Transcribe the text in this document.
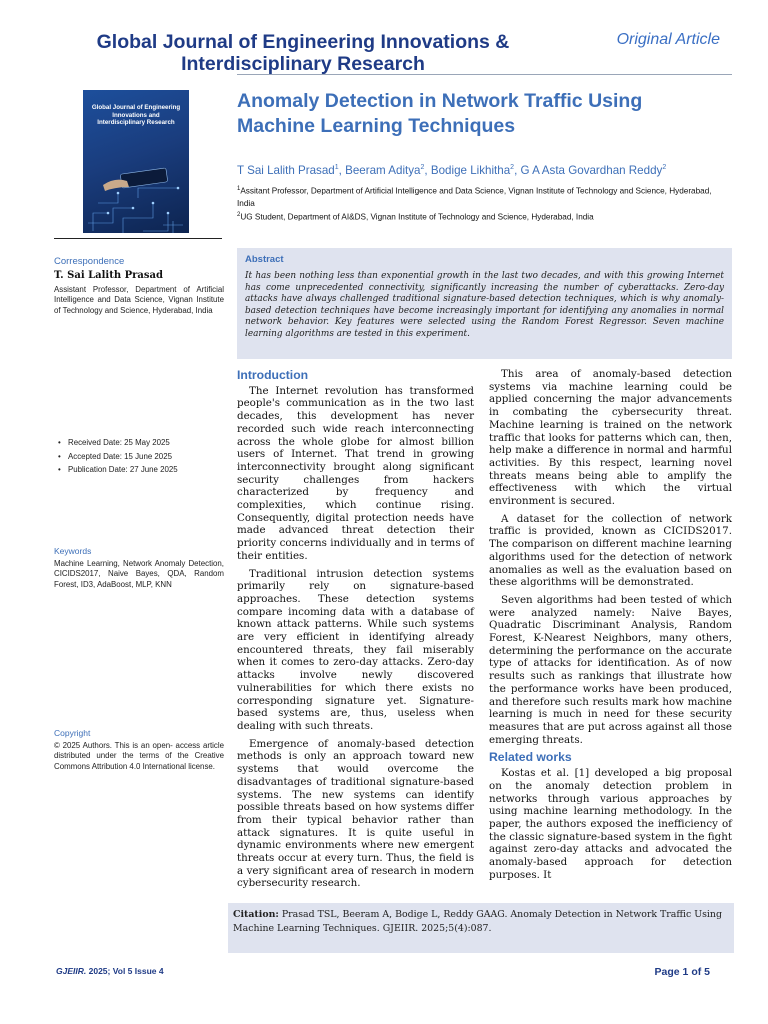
Global Journal of Engineering Innovations & Interdisciplinary Research
Original Article
Global Journal of Engineering Innovations and Interdisciplinary Research
Anomaly Detection in Network Traffic Using Machine Learning Techniques
T Sai Lalith Prasad$^1$, Beeram Aditya$^2$, Bodige Likhitha$^2$, G A Asta Govardhan Reddy$^2$
$^1$Assitant Professor, Department of Artificial Intelligence and Data Science, Vignan Institute of Technology and Science, Hyderabad, India
$^2$UG Student, Department of AI&DS, Vignan Institute of Technology and Science, Hyderabad, India
Correspondence
T. Sai Lalith Prasad
Assistant Professor, Department of Artificial Intelligence and Data Science, Vignan Institute of Technology and Science, Hyderabad, India
• Received Date: 25 May 2025
• Accepted Date: 15 June 2025
• Publication Date: 27 June 2025
Keywords
Machine Learning, Network Anomaly Detection, CICIDS2017, Naive Bayes, QDA, Random Forest, ID3, AdaBoost, MLP, KNN
Copyright
© 2025 Authors. This is an open- access article distributed under the terms of the Creative Commons Attribution 4.0 International license.
Abstract
It has been nothing less than exponential growth in the last two decades, and with this growing Internet has come unprecedented connectivity, significantly increasing the number of cyberattacks. Zero-day attacks have always challenged traditional signature-based detection techniques, which is why anomaly-based detection techniques have become increasingly important for identifying any anomalies in normal network behavior. Key features were selected using the Random Forest Regressor. Seven machine learning algorithms are tested in this experiment.
Introduction

The Internet revolution has transformed people's communication as in the two last decades, this development has never recorded such wide reach interconnecting across the whole globe for almost billion users of Internet. That trend in growing interconnectivity brought along significant security challenges from hackers characterized by frequency and complexities, which continue rising. Consequently, digital protection needs have made advanced threat detection their priority concerns individually and in terms of their entities.

Traditional intrusion detection systems primarily rely on signature-based approaches. These detection systems compare incoming data with a database of known attack patterns. While such systems are very efficient in identifying already encountered threats, they fail miserably when it comes to zero-day attacks. Zero-day attacks involve newly discovered vulnerabilities for which there exists no corresponding signature yet. Signature-based systems are, thus, useless when dealing with such threats.

Emergence of anomaly-based detection methods is only an approach toward new systems that would overcome the disadvantages of traditional signature-based systems. The new systems can identify possible threats based on how systems differ from their typical behavior rather than attack signatures. It is quite useful in dynamic environments where new emergent threats occur at every turn. Thus, the field is a very significant area of research in modern cybersecurity research.

This area of anomaly-based detection systems via machine learning could be applied concerning the major advancements in combating the cybersecurity threat. Machine learning is trained on the network traffic that looks for patterns which can, then, help make a difference in normal and harmful activities. By this respect, learning novel threats means being able to amplify the effectiveness with which the virtual environment is secured.

A dataset for the collection of network traffic is provided, known as CICIDS2017. The comparison on different machine learning algorithms used for the detection of network anomalies as well as the evaluation based on these algorithms will be demonstrated.

Seven algorithms had been tested of which were analyzed namely: Naive Bayes, Quadratic Discriminant Analysis, Random Forest, K-Nearest Neighbors, many others, determining the performance on the accurate type of attacks for identification. As of now results such as rankings that illustrate how the performance works have been produced, and therefore such results mark how machine learning is much in need for these security measures that are put across against all those emerging threats.

Related works

Kostas et al. [1] developed a big proposal on the anomaly detection problem in networks through various approaches by using machine learning methodology. In the paper, the authors exposed the inefficiency of the classic signature-based system in the fight against zero-day attacks and advocated the anomaly-based approach for detection purposes. It

Citation: Prasad TSL, Beeram A, Bodige L, Reddy GAAG. Anomaly Detection in Network Traffic Using Machine Learning Techniques. GJEIIR. 2025;5(4):087.
GJEIIR. 2025; Vol 5 Issue 4	Page 1 of 5
